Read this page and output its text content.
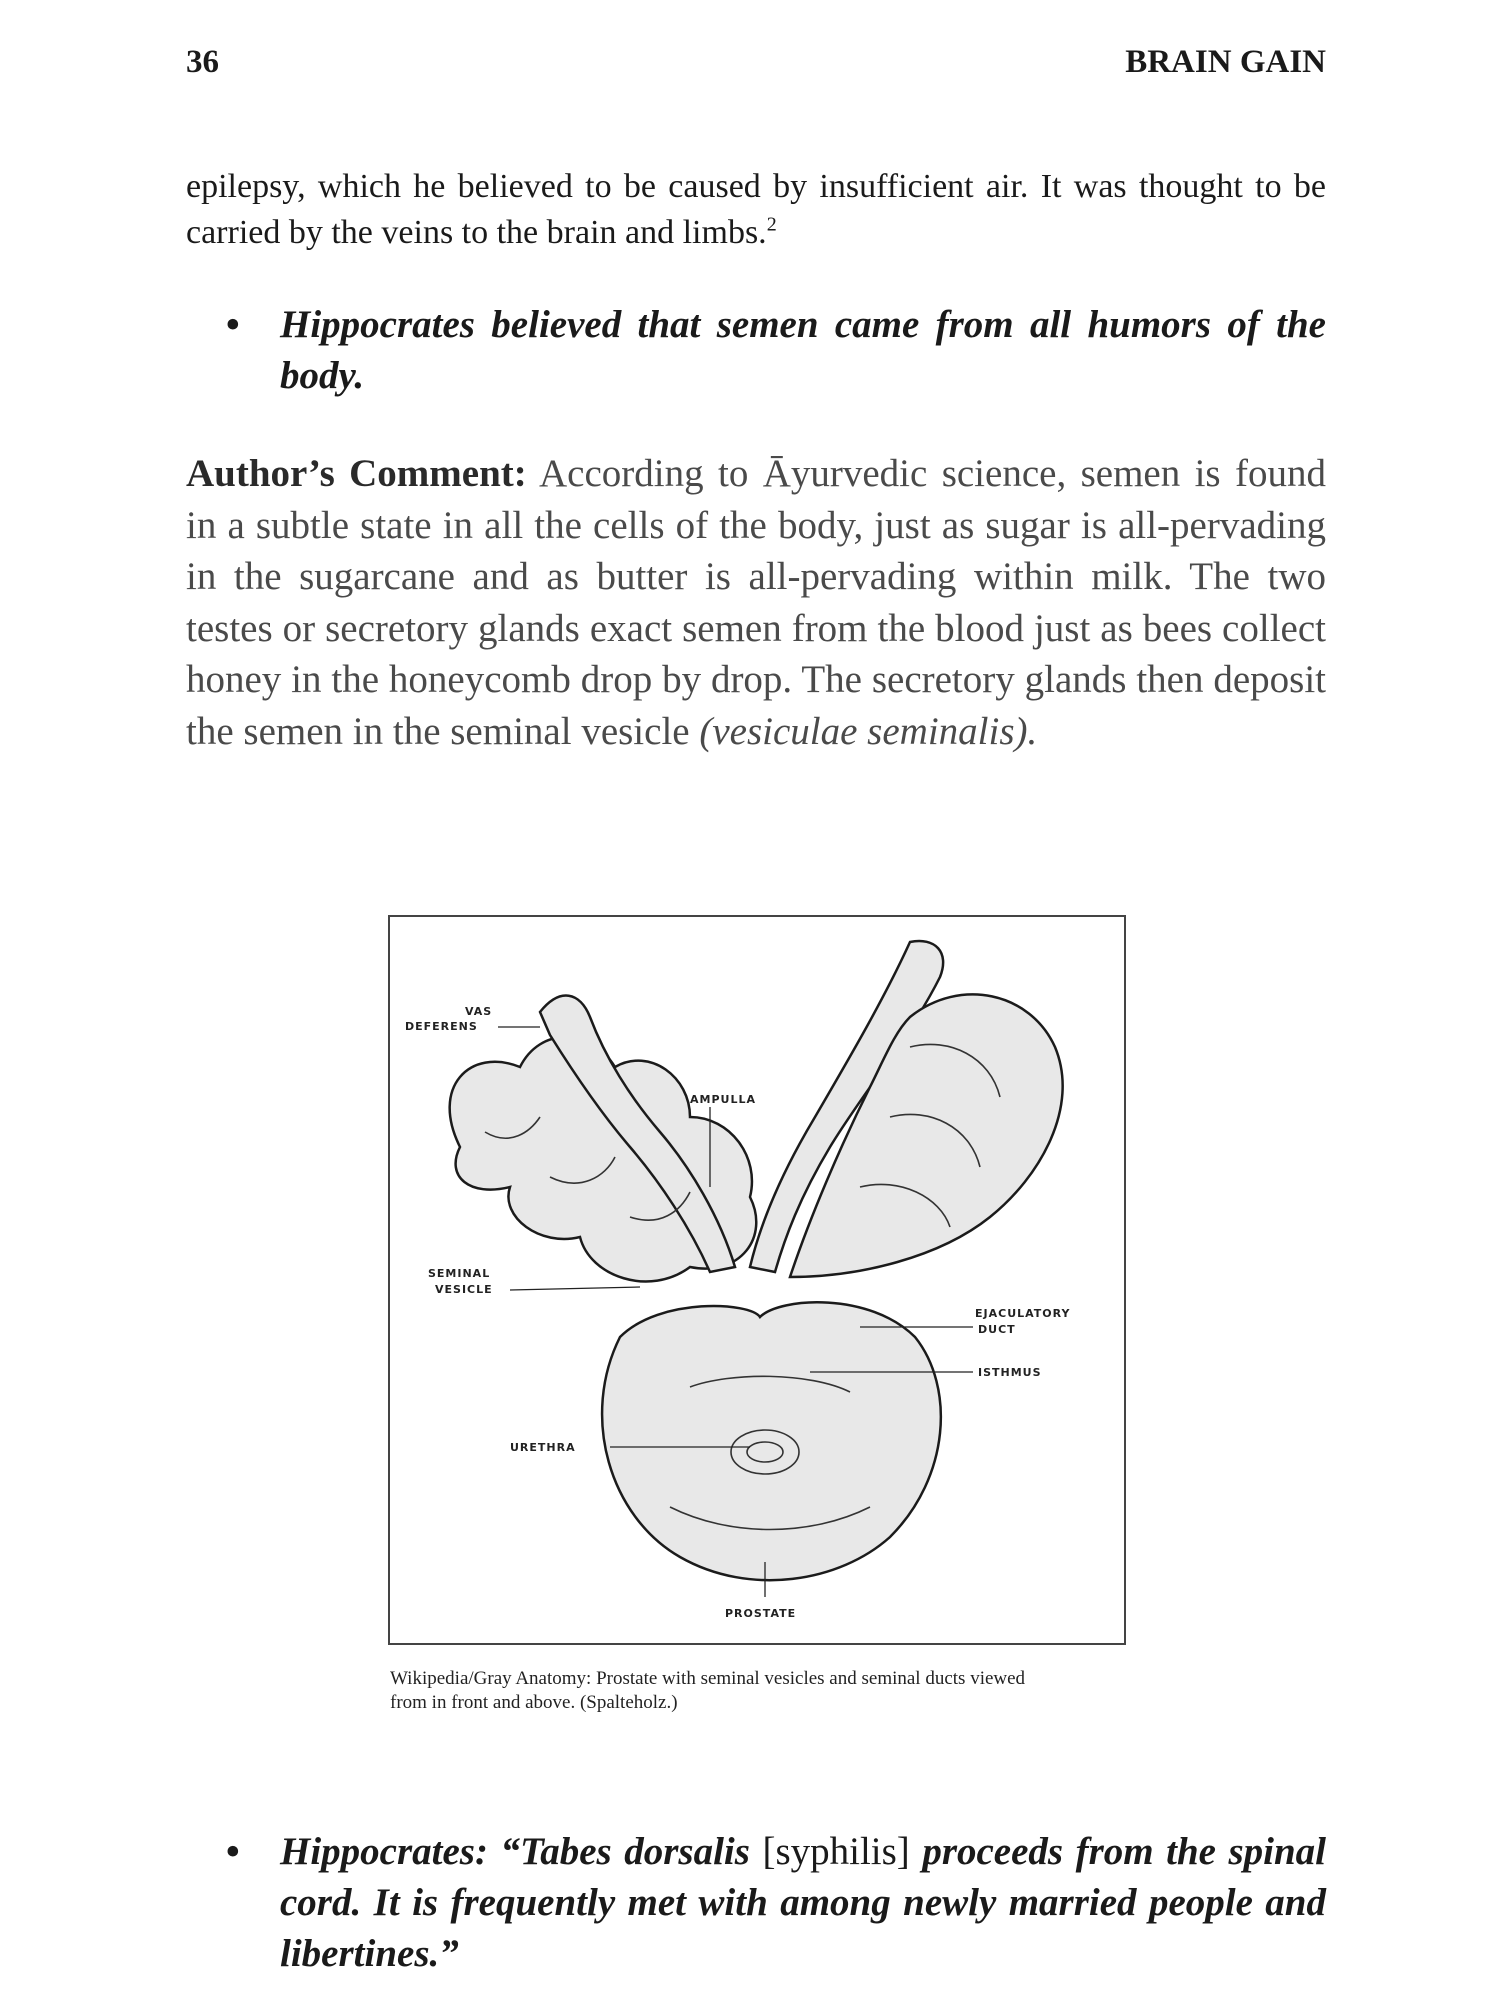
36	BRAIN GAIN

epilepsy, which he believed to be caused by insufficient air. It was thought to be carried by the veins to the brain and limbs.$^2$

• Hippocrates believed that semen came from all humors of the body.

Author’s Comment: According to Āyurvedic science, semen is found in a subtle state in all the cells of the body, just as sugar is all-pervading in the sugarcane and as butter is all-pervading within milk. The two testes or secretory glands exact semen from the blood just as bees collect honey in the honeycomb drop by drop. The secretory glands then deposit the semen in the seminal vesicle (vesiculae seminalis).

VAS
DEFERENS
AMPULLA
SEMINAL
VESICLE
EJACULATORY
DUCT
ISTHMUS
URETHRA
PROSTATE

Wikipedia/Gray Anatomy: Prostate with seminal vesicles and seminal ducts viewed
from in front and above. (Spalteholz.)

• Hippocrates: “Tabes dorsalis [syphilis] proceeds from the spinal cord. It is frequently met with among newly married people and libertines.”
